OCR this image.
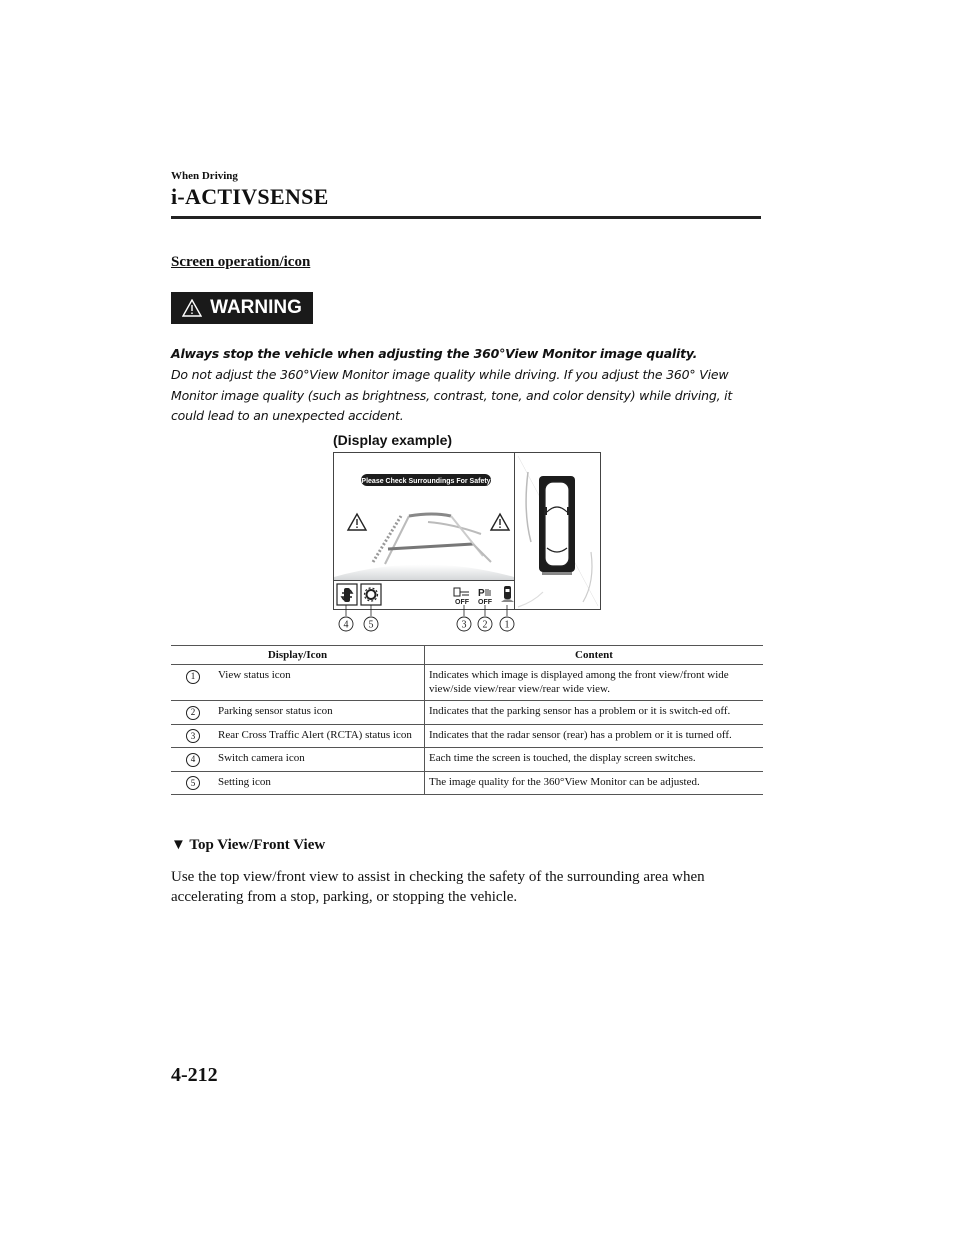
When Driving
i-ACTIVSENSE
Screen operation/icon
WARNING
Always stop the vehicle when adjusting the 360°View Monitor image quality.
Do not adjust the 360°View Monitor image quality while driving. If you adjust the 360° View Monitor image quality (such as brightness, contrast, tone, and color density) while driving, it could lead to an unexpected accident.
(Display example)
Please Check Surroundings For Safety
OFF
P
OFF
4 5	3 2 1
Display/Icon		Content
1	View status icon	Indicates which image is displayed among the front view/front wide view/side view/rear view/rear wide view.
2	Parking sensor status icon	Indicates that the parking sensor has a problem or it is switch-ed off.
3	Rear Cross Traffic Alert (RCTA) status icon	Indicates that the radar sensor (rear) has a problem or it is turned off.
4	Switch camera icon	Each time the screen is touched, the display screen switches.
5	Setting icon	The image quality for the 360°View Monitor can be adjusted.
▼ Top View/Front View
Use the top view/front view to assist in checking the safety of the surrounding area when accelerating from a stop, parking, or stopping the vehicle.
4-212
